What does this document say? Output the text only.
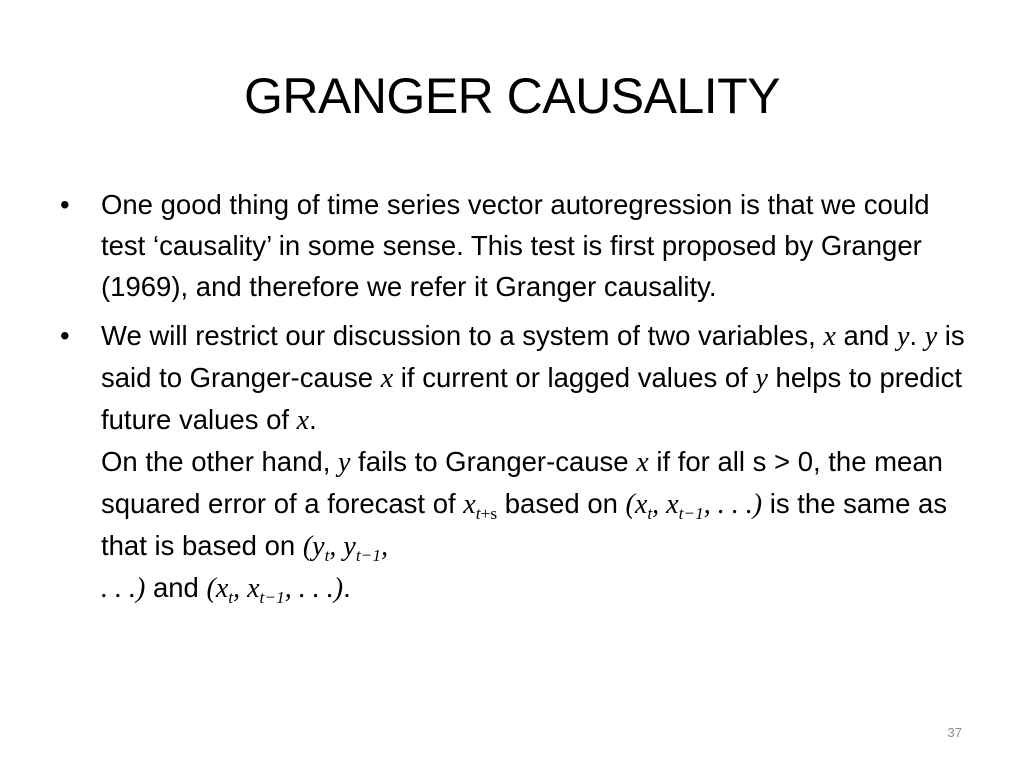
GRANGER CAUSALITY
• One good thing of time series vector autoregression is that we could test ‘causality’ in some sense. This test is first proposed by Granger (1969), and therefore we refer it Granger causality.
• We will restrict our discussion to a system of two variables, x and y. y is said to Granger-cause x if current or lagged values of y helps to predict future values of x.
On the other hand, y fails to Granger-cause x if for all s > 0, the mean squared error of a forecast of $x_{t+s}$ based on ($x_t$, $x_{t-1}$, . . .) is the same as that is based on ($y_t$, $y_{t-1}$,
. . .) and ($x_t$, $x_{t-1}$, . . .).
37
